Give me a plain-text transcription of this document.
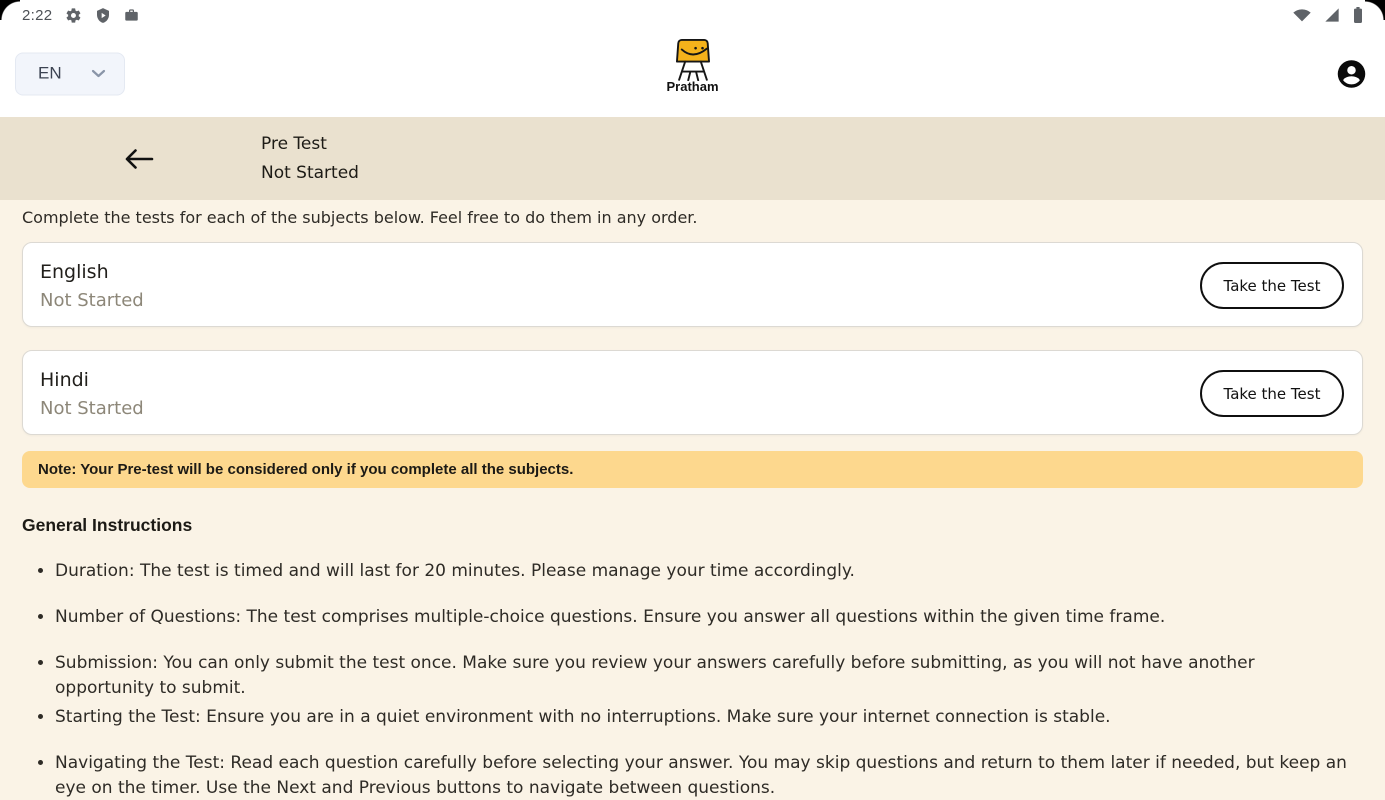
2:22
EN
Pratham
Pre Test
Not Started
Complete the tests for each of the subjects below. Feel free to do them in any order.
English
Not Started
Take the Test
Hindi
Not Started
Take the Test
Note: Your Pre-test will be considered only if you complete all the subjects.
General Instructions
• Duration: The test is timed and will last for 20 minutes. Please manage your time accordingly.
• Number of Questions: The test comprises multiple-choice questions. Ensure you answer all questions within the given time frame.
• Submission: You can only submit the test once. Make sure you review your answers carefully before submitting, as you will not have another opportunity to submit.
• Starting the Test: Ensure you are in a quiet environment with no interruptions. Make sure your internet connection is stable.
• Navigating the Test: Read each question carefully before selecting your answer. You may skip questions and return to them later if needed, but keep an eye on the timer. Use the Next and Previous buttons to navigate between questions.
